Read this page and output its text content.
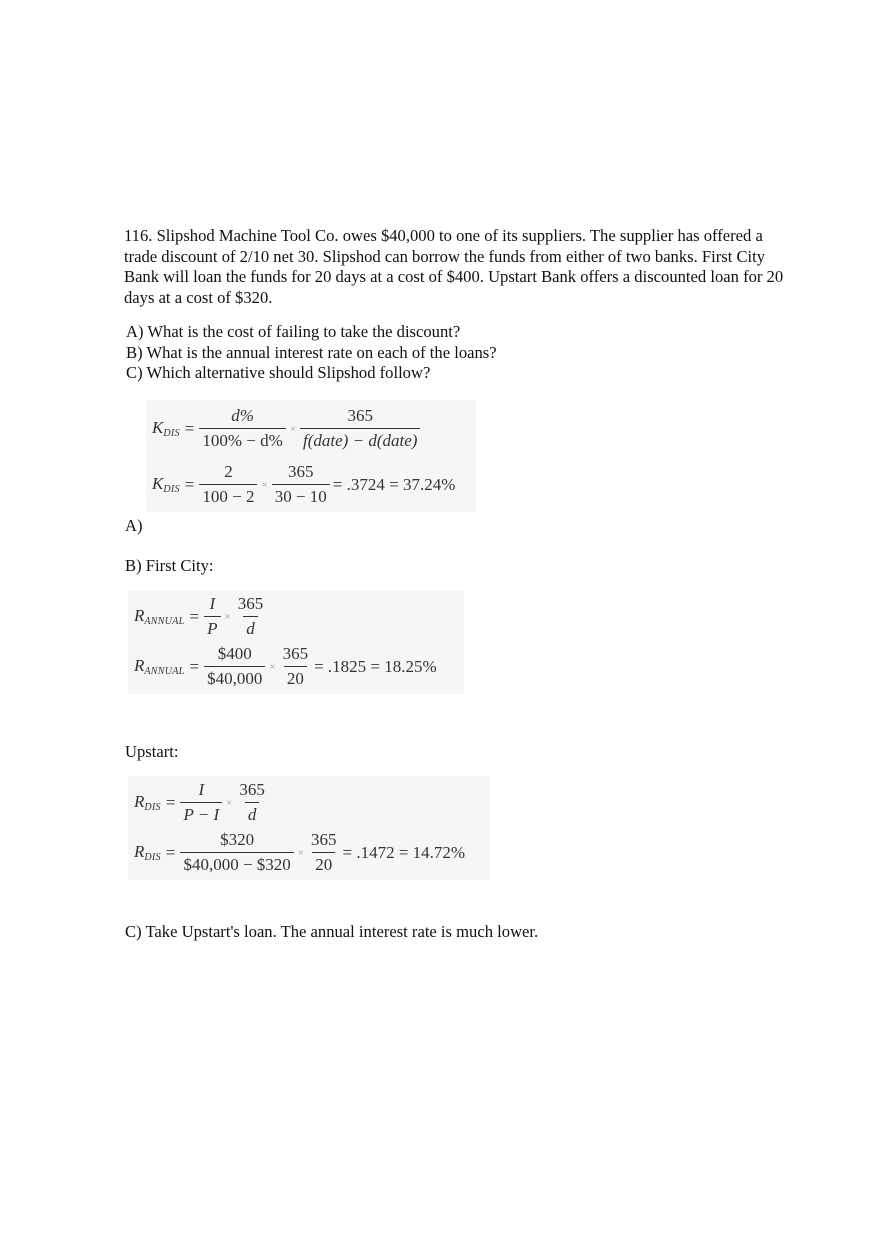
116. Slipshod Machine Tool Co. owes $40,000 to one of its suppliers. The supplier has offered a trade discount of 2/10 net 30. Slipshod can borrow the funds from either of two banks. First City Bank will loan the funds for 20 days at a cost of $400. Upstart Bank offers a discounted loan for 20 days at a cost of $320.

A) What is the cost of failing to take the discount?
B) What is the annual interest rate on each of the loans?
C) Which alternative should Slipshod follow?
$K_{DIS} = \frac{d\%}{100\% - d\%} \times \frac{365}{\text{f(date) − d(date)}}$
$K_{DIS} = \frac{2}{100 - 2} \times \frac{365}{30 - 10} = .3724 = 37.24\%$
A)
B) First City:
$R_{ANNUAL} = \frac{I}{P} \times \frac{365}{d}$
$R_{ANNUAL} = \frac{\$400}{\$40,000} \times \frac{365}{20} = .1825 = 18.25\%$
Upstart:
$R_{DIS} = \frac{I}{P - I} \times \frac{365}{d}$
$R_{DIS} = \frac{\$320}{\$40,000 - \$320} \times \frac{365}{20} = .1472 = 14.72\%$
C) Take Upstart's loan. The annual interest rate is much lower.
